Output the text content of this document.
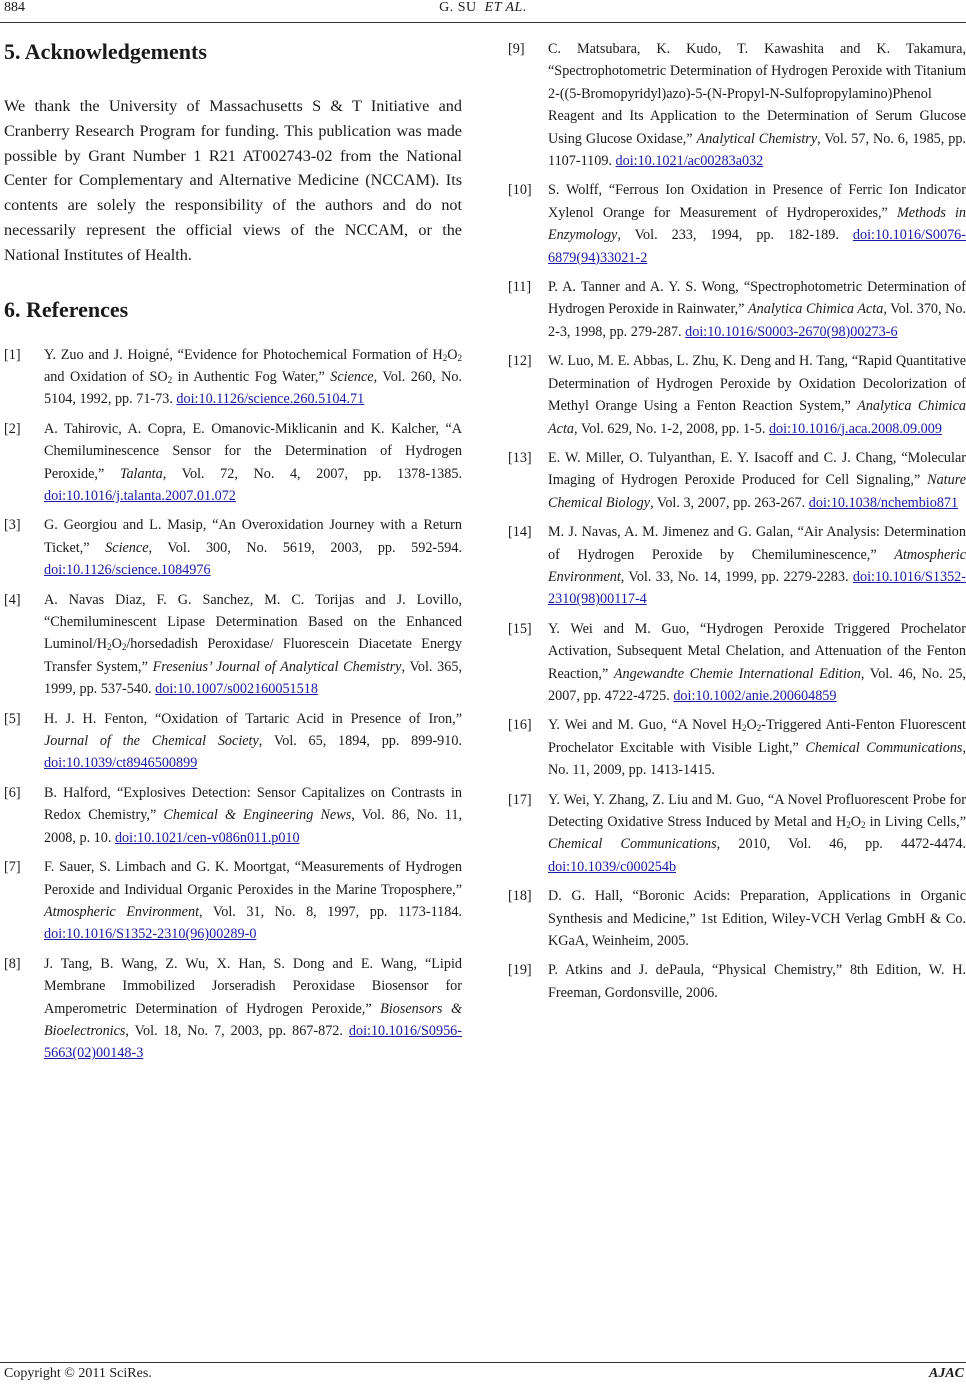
884	G. SU ET AL.
5. Acknowledgements

We thank the University of Massachusetts S & T Initiative and Cranberry Research Program for funding. This publication was made possible by Grant Number 1 R21 AT002743-02 from the National Center for Complementary and Alternative Medicine (NCCAM). Its contents are solely the responsibility of the authors and do not necessarily represent the official views of the NCCAM, or the National Institutes of Health.

6. References
[1] Y. Zuo and J. Hoigné, “Evidence for Photochemical Formation of $H_2O_2$ and Oxidation of $SO_2$ in Authentic Fog Water,” Science, Vol. 260, No. 5104, 1992, pp. 71-73. doi:10.1126/science.260.5104.71
[2] A. Tahirovic, A. Copra, E. Omanovic-Miklicanin and K. Kalcher, “A Chemiluminescence Sensor for the Determination of Hydrogen Peroxide,” Talanta, Vol. 72, No. 4, 2007, pp. 1378-1385. doi:10.1016/j.talanta.2007.01.072
[3] G. Georgiou and L. Masip, “An Overoxidation Journey with a Return Ticket,” Science, Vol. 300, No. 5619, 2003, pp. 592-594. doi:10.1126/science.1084976
[4] A. Navas Diaz, F. G. Sanchez, M. C. Torijas and J. Lovillo, “Chemiluminescent Lipase Determination Based on the Enhanced Luminol/$H_2O_2$/horsedadish Peroxidase/ Fluorescein Diacetate Energy Transfer System,” Fresenius’ Journal of Analytical Chemistry, Vol. 365, 1999, pp. 537-540. doi:10.1007/s002160051518
[5] H. J. H. Fenton, “Oxidation of Tartaric Acid in Presence of Iron,” Journal of the Chemical Society, Vol. 65, 1894, pp. 899-910. doi:10.1039/ct8946500899
[6] B. Halford, “Explosives Detection: Sensor Capitalizes on Contrasts in Redox Chemistry,” Chemical & Engineering News, Vol. 86, No. 11, 2008, p. 10. doi:10.1021/cen-v086n011.p010
[7] F. Sauer, S. Limbach and G. K. Moortgat, “Measurements of Hydrogen Peroxide and Individual Organic Peroxides in the Marine Troposphere,” Atmospheric Environment, Vol. 31, No. 8, 1997, pp. 1173-1184. doi:10.1016/S1352-2310(96)00289-0
[8] J. Tang, B. Wang, Z. Wu, X. Han, S. Dong and E. Wang, “Lipid Membrane Immobilized Jorseradish Peroxidase Biosensor for Amperometric Determination of Hydrogen Peroxide,” Biosensors & Bioelectronics, Vol. 18, No. 7, 2003, pp. 867-872. doi:10.1016/S0956-5663(02)00148-3
[9] C. Matsubara, K. Kudo, T. Kawashita and K. Takamura, “Spectrophotometric Determination of Hydrogen Peroxide with Titanium 2-((5-Bromopyridyl)azo)-5-(N-Propyl-N-Sulfopropylamino)Phenol Reagent and Its Application to the Determination of Serum Glucose Using Glucose Oxidase,” Analytical Chemistry, Vol. 57, No. 6, 1985, pp. 1107-1109. doi:10.1021/ac00283a032
[10] S. Wolff, “Ferrous Ion Oxidation in Presence of Ferric Ion Indicator Xylenol Orange for Measurement of Hydroperoxides,” Methods in Enzymology, Vol. 233, 1994, pp. 182-189. doi:10.1016/S0076-6879(94)33021-2
[11] P. A. Tanner and A. Y. S. Wong, “Spectrophotometric Determination of Hydrogen Peroxide in Rainwater,” Analytica Chimica Acta, Vol. 370, No. 2-3, 1998, pp. 279-287. doi:10.1016/S0003-2670(98)00273-6
[12] W. Luo, M. E. Abbas, L. Zhu, K. Deng and H. Tang, “Rapid Quantitative Determination of Hydrogen Peroxide by Oxidation Decolorization of Methyl Orange Using a Fenton Reaction System,” Analytica Chimica Acta, Vol. 629, No. 1-2, 2008, pp. 1-5. doi:10.1016/j.aca.2008.09.009
[13] E. W. Miller, O. Tulyanthan, E. Y. Isacoff and C. J. Chang, “Molecular Imaging of Hydrogen Peroxide Produced for Cell Signaling,” Nature Chemical Biology, Vol. 3, 2007, pp. 263-267. doi:10.1038/nchembio871
[14] M. J. Navas, A. M. Jimenez and G. Galan, “Air Analysis: Determination of Hydrogen Peroxide by Chemiluminescence,” Atmospheric Environment, Vol. 33, No. 14, 1999, pp. 2279-2283. doi:10.1016/S1352-2310(98)00117-4
[15] Y. Wei and M. Guo, “Hydrogen Peroxide Triggered Prochelator Activation, Subsequent Metal Chelation, and Attenuation of the Fenton Reaction,” Angewandte Chemie International Edition, Vol. 46, No. 25, 2007, pp. 4722-4725. doi:10.1002/anie.200604859
[16] Y. Wei and M. Guo, “A Novel $H_2O_2$-Triggered Anti-Fenton Fluorescent Prochelator Excitable with Visible Light,” Chemical Communications, No. 11, 2009, pp. 1413-1415.
[17] Y. Wei, Y. Zhang, Z. Liu and M. Guo, “A Novel Profluorescent Probe for Detecting Oxidative Stress Induced by Metal and $H_2O_2$ in Living Cells,” Chemical Communications, 2010, Vol. 46, pp. 4472-4474. doi:10.1039/c000254b
[18] D. G. Hall, “Boronic Acids: Preparation, Applications in Organic Synthesis and Medicine,” 1st Edition, Wiley-VCH Verlag GmbH & Co. KGaA, Weinheim, 2005.
[19] P. Atkins and J. dePaula, “Physical Chemistry,” 8th Edition, W. H. Freeman, Gordonsville, 2006.
Copyright © 2011 SciRes.	AJAC
